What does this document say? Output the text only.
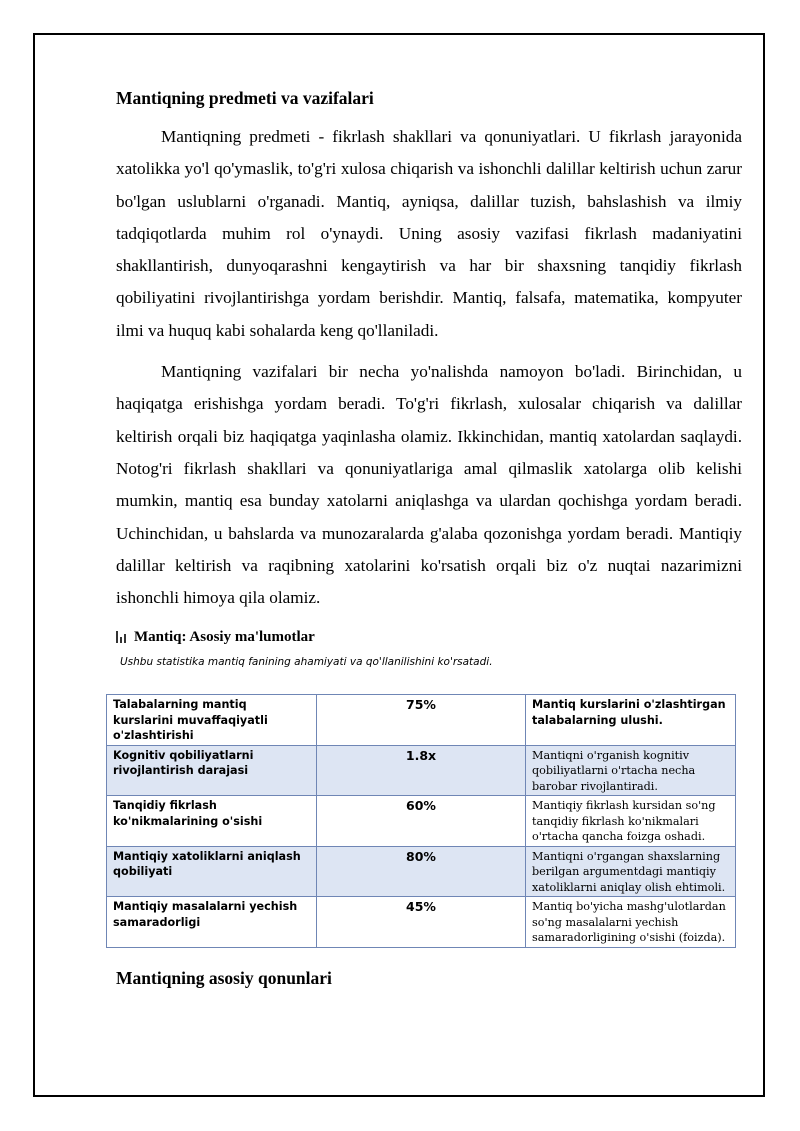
Mantiqning predmeti va vazifalari

Mantiqning predmeti - fikrlash shakllari va qonuniyatlari. U fikrlash jarayonida xatolikka yo'l qo'ymaslik, to'g'ri xulosa chiqarish va ishonchli dalillar keltirish uchun zarur bo'lgan uslublarni o'rganadi. Mantiq, ayniqsa, dalillar tuzish, bahslashish va ilmiy tadqiqotlarda muhim rol o'ynaydi. Uning asosiy vazifasi fikrlash madaniyatini shakllantirish, dunyoqarashni kengaytirish va har bir shaxsning tanqidiy fikrlash qobiliyatini rivojlantirishga yordam berishdir. Mantiq, falsafa, matematika, kompyuter ilmi va huquq kabi sohalarda keng qo'llaniladi.

Mantiqning vazifalari bir necha yo'nalishda namoyon bo'ladi. Birinchidan, u haqiqatga erishishga yordam beradi. To'g'ri fikrlash, xulosalar chiqarish va dalillar keltirish orqali biz haqiqatga yaqinlasha olamiz. Ikkinchidan, mantiq xatolardan saqlaydi. Notog'ri fikrlash shakllari va qonuniyatlariga amal qilmaslik xatolarga olib kelishi mumkin, mantiq esa bunday xatolarni aniqlashga va ulardan qochishga yordam beradi. Uchinchidan, u bahslarda va munozaralarda g'alaba qozonishga yordam beradi. Mantiqiy dalillar keltirish va raqibning xatolarini ko'rsatish orqali biz o'z nuqtai nazarimizni ishonchli himoya qila olamiz.

Mantiq: Asosiy ma'lumotlar
Ushbu statistika mantiq fanining ahamiyati va qo'llanilishini ko'rsatadi.
Talabalarning mantiq kurslarini muvaffaqiyatli o'zlashtirishi	75%	Mantiq kurslarini o'zlashtirgan talabalarning ulushi.
Kognitiv qobiliyatlarni rivojlantirish darajasi	1.8x	Mantiqni o'rganish kognitiv qobiliyatlarni o'rtacha necha barobar rivojlantiradi.
Tanqidiy fikrlash ko'nikmalarining o'sishi	60%	Mantiqiy fikrlash kursidan so'ng tanqidiy fikrlash ko'nikmalari o'rtacha qancha foizga oshadi.
Mantiqiy xatoliklarni aniqlash qobiliyati	80%	Mantiqni o'rgangan shaxslarning berilgan argumentdagi mantiqiy xatoliklarni aniqlay olish ehtimoli.
Mantiqiy masalalarni yechish samaradorligi	45%	Mantiq bo'yicha mashg'ulotlardan so'ng masalalarni yechish samaradorligining o'sishi (foizda).
Mantiqning asosiy qonunlari
